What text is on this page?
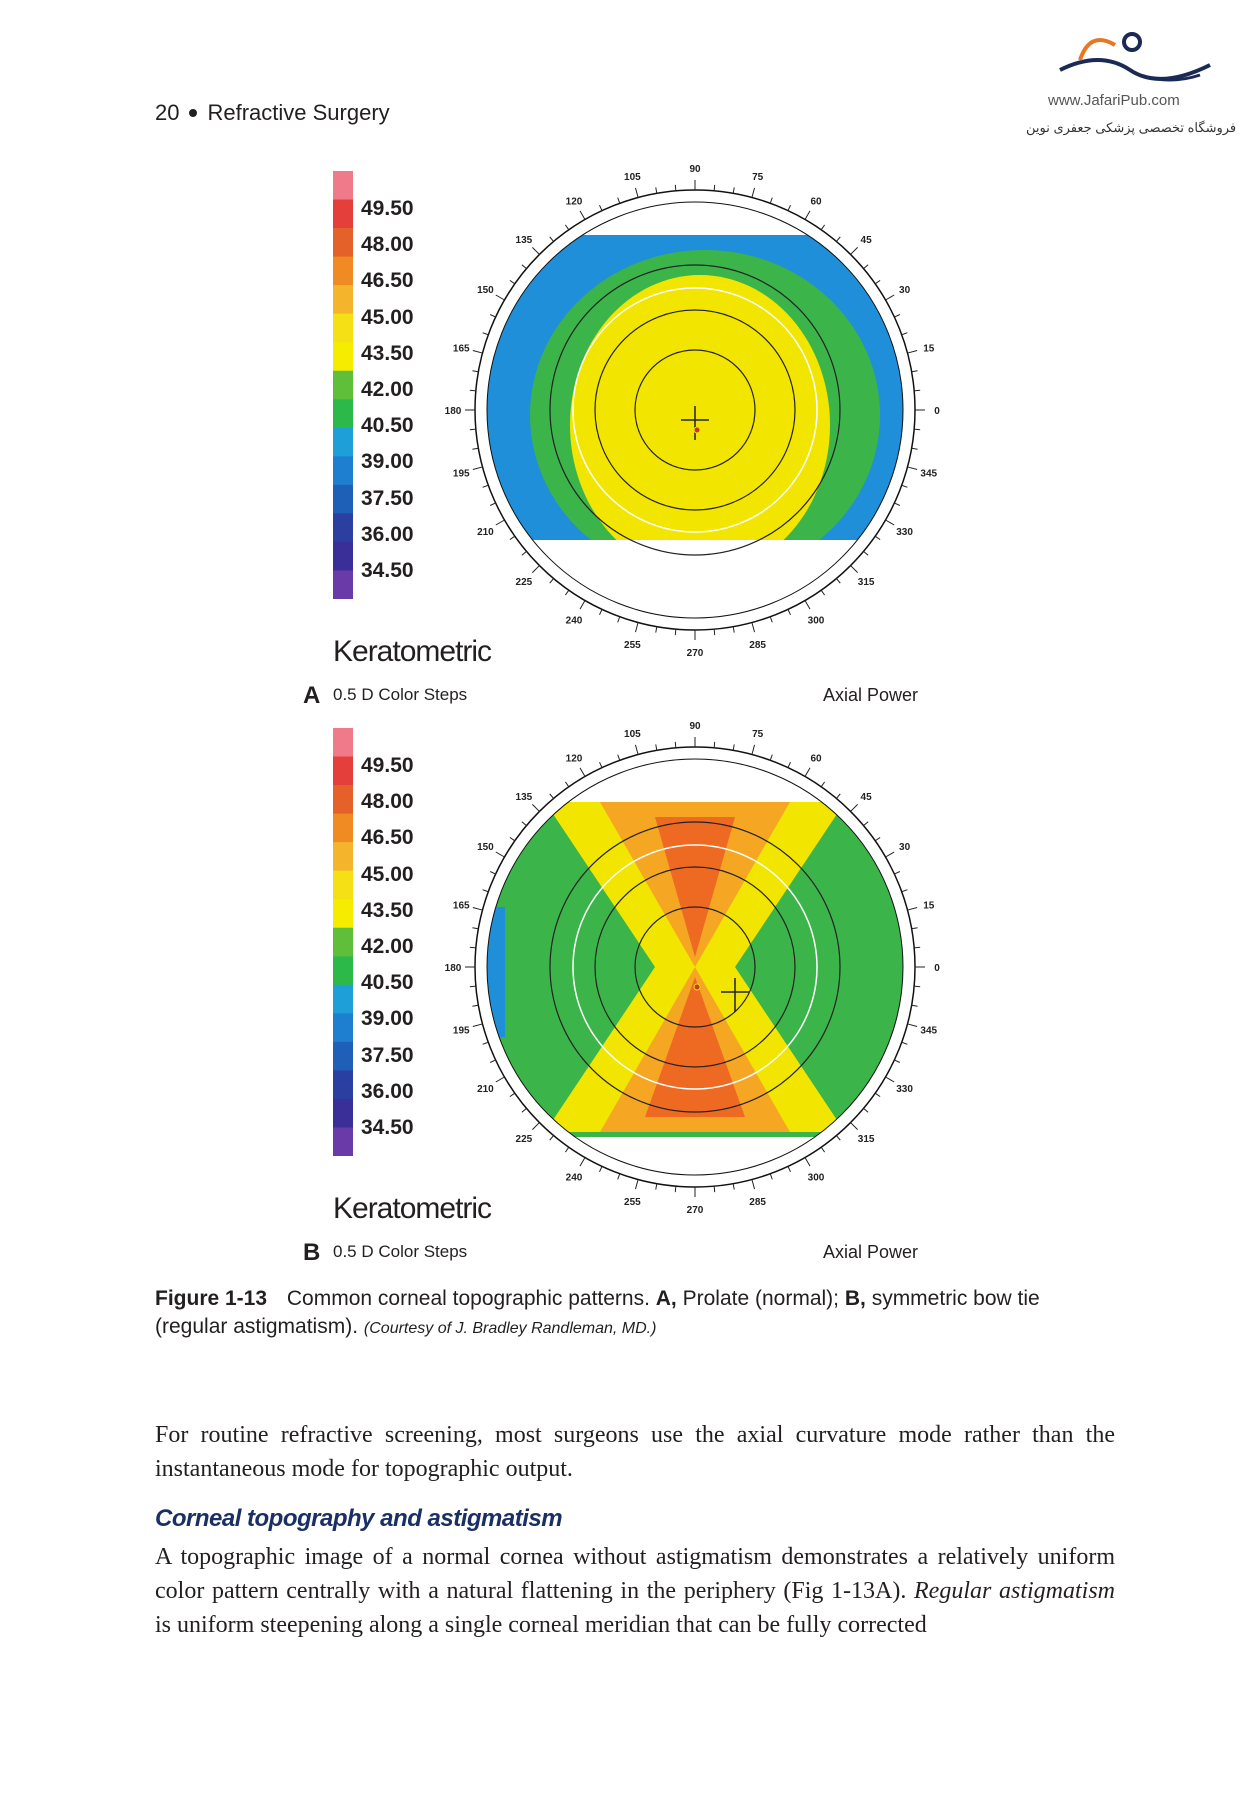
20 Refractive Surgery	www.JafariPub.com
فروشگاه تخصصی پزشکی جعفری نوین
49.50
48.00
46.50
45.00
43.50
42.00
40.50
39.00
37.50
36.00
34.50
0
15
30
45
60
75
90
105
120
135
150
165
180
195
210
225
240
255
270
285
300
315
330
345
Keratometric
A 0.5 D Color Steps	Axial Power
49.50
48.00
46.50
45.00
43.50
42.00
40.50
39.00
37.50
36.00
34.50
0
15
30
45
60
75
90
105
120
135
150
165
180
195
210
225
240
255
270
285
300
315
330
345
Keratometric
B 0.5 D Color Steps	Axial Power
Figure 1-13 Common corneal topographic patterns. A, Prolate (normal); B, symmetric bow tie (regular astigmatism). (Courtesy of J. Bradley Randleman, MD.)
For routine refractive screening, most surgeons use the axial curvature mode rather than the instantaneous mode for topographic output.
Corneal topography and astigmatism
A topographic image of a normal cornea without astigmatism demonstrates a relatively uniform color pattern centrally with a natural flattening in the periphery (Fig 1-13A). Regular astigmatism is uniform steepening along a single corneal meridian that can be fully corrected
